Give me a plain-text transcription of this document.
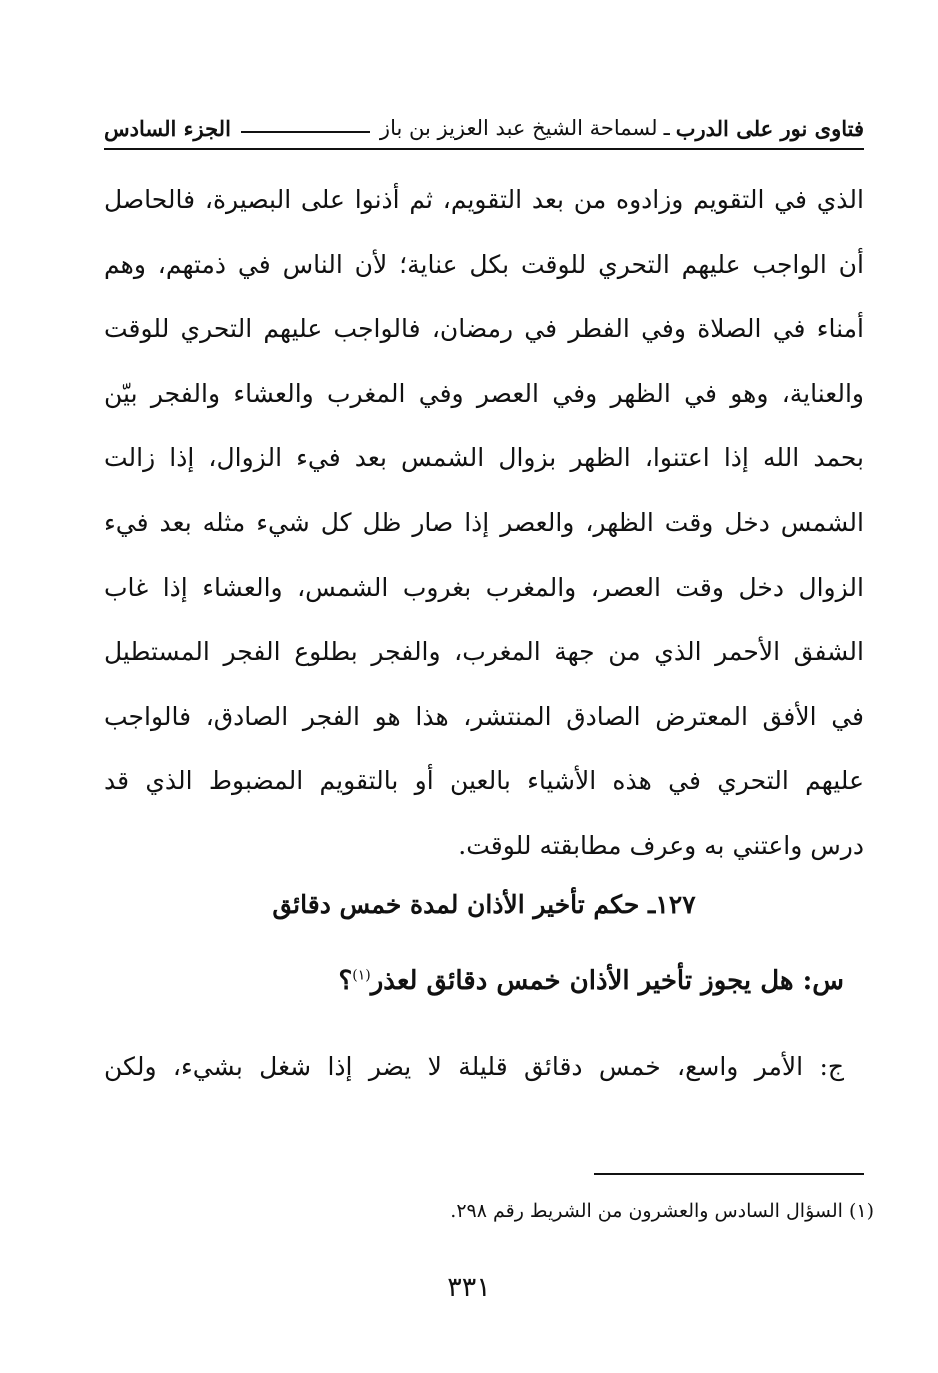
فتاوى نور على الدرب
ـ
لسماحة الشيخ عبد العزيز بن باز
الجزء السادس
الذي في التقويم وزادوه من بعد التقويم، ثم أذنوا على البصيرة، فالحاصل
أن الواجب عليهم التحري للوقت بكل عناية؛ لأن الناس في ذمتهم، وهم
أمناء في الصلاة وفي الفطر في رمضان، فالواجب عليهم التحري للوقت
والعناية، وهو في الظهر وفي العصر وفي المغرب والعشاء والفجر بيّن
بحمد الله إذا اعتنوا، الظهر بزوال الشمس بعد فيء الزوال، إذا زالت
الشمس دخل وقت الظهر، والعصر إذا صار ظل كل شيء مثله بعد فيء
الزوال دخل وقت العصر، والمغرب بغروب الشمس، والعشاء إذا غاب
الشفق الأحمر الذي من جهة المغرب، والفجر بطلوع الفجر المستطيل
في الأفق المعترض الصادق المنتشر، هذا هو الفجر الصادق، فالواجب
عليهم التحري في هذه الأشياء بالعين أو بالتقويم المضبوط الذي قد
درس واعتني به وعرف مطابقته للوقت.
١٢٧ـ حكم تأخير الأذان لمدة خمس دقائق
س: هل يجوز تأخير الأذان خمس دقائق لعذر$^{(١)}$؟
ج: الأمر واسع، خمس دقائق قليلة لا يضر إذا شغل بشيء، ولكن
(١) السؤال السادس والعشرون من الشريط رقم ٢٩٨.
٣٣١
